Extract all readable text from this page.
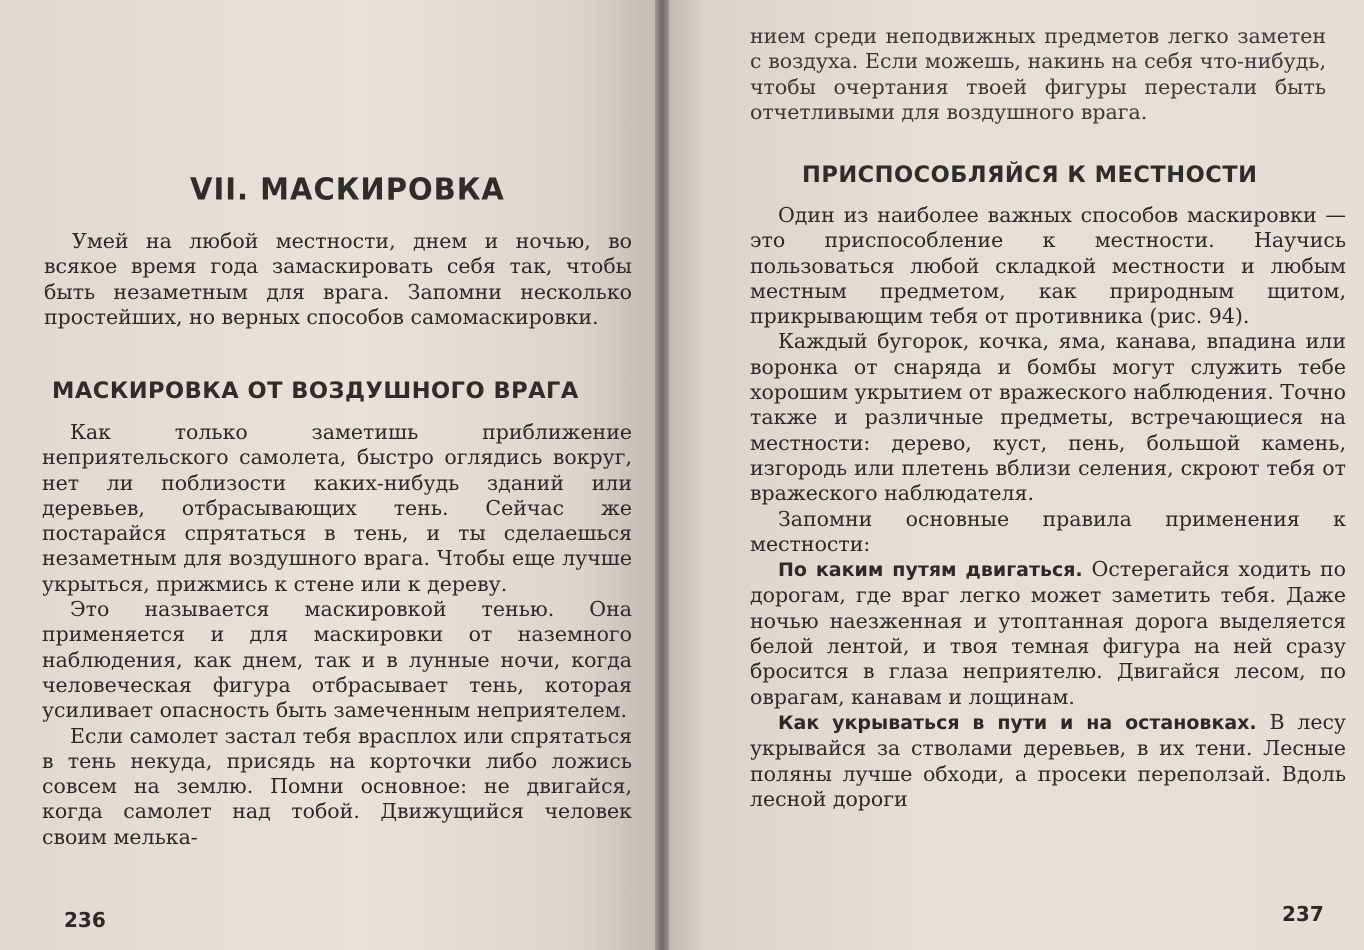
VII. МАСКИРОВКА

Умей на любой местности, днем и ночью, во всякое время года замаскировать себя так, чтобы быть незаметным для врага. Запомни несколько простейших, но верных способов самомаскировки.

МАСКИРОВКА ОТ ВОЗДУШНОГО ВРАГА

Как только заметишь приближение неприятельского самолета, быстро оглядись вокруг, нет ли поблизости каких-нибудь зданий или деревьев, отбрасывающих тень. Сейчас же постарайся спрятаться в тень, и ты сделаешься незаметным для воздушного врага. Чтобы еще лучше укрыться, прижмись к стене или к дереву.

Это называется маскировкой тенью. Она применяется и для маскировки от наземного наблюдения, как днем, так и в лунные ночи, когда человеческая фигура отбрасывает тень, которая усиливает опасность быть замеченным неприятелем.

Если самолет застал тебя врасплох или спрятаться в тень некуда, присядь на корточки либо ложись совсем на землю. Помни основное: не двигайся, когда самолет над тобой. Движущийся человек своим мелька-

236

нием среди неподвижных предметов легко заметен с воздуха. Если можешь, накинь на себя что-нибудь, чтобы очертания твоей фигуры перестали быть отчетливыми для воздушного врага.

ПРИСПОСОБЛЯЙСЯ К МЕСТНОСТИ

Один из наиболее важных способов маскировки — это приспособление к местности. Научись пользоваться любой складкой местности и любым местным предметом, как природным щитом, прикрывающим тебя от противника (рис. 94).

Каждый бугорок, кочка, яма, канава, впадина или воронка от снаряда и бомбы могут служить тебе хорошим укрытием от вражеского наблюдения. Точно также и различные предметы, встречающиеся на местности: дерево, куст, пень, большой камень, изгородь или плетень вблизи селения, скроют тебя от вражеского наблюдателя.

Запомни основные правила применения к местности:

По каким путям двигаться. Остерегайся ходить по дорогам, где враг легко может заметить тебя. Даже ночью наезженная и утоптанная дорога выделяется белой лентой, и твоя темная фигура на ней сразу бросится в глаза неприятелю. Двигайся лесом, по оврагам, канавам и лощинам.

Как укрываться в пути и на остановках. В лесу укрывайся за стволами деревьев, в их тени. Лесные поляны лучше обходи, а просеки переползай. Вдоль лесной дороги

237
